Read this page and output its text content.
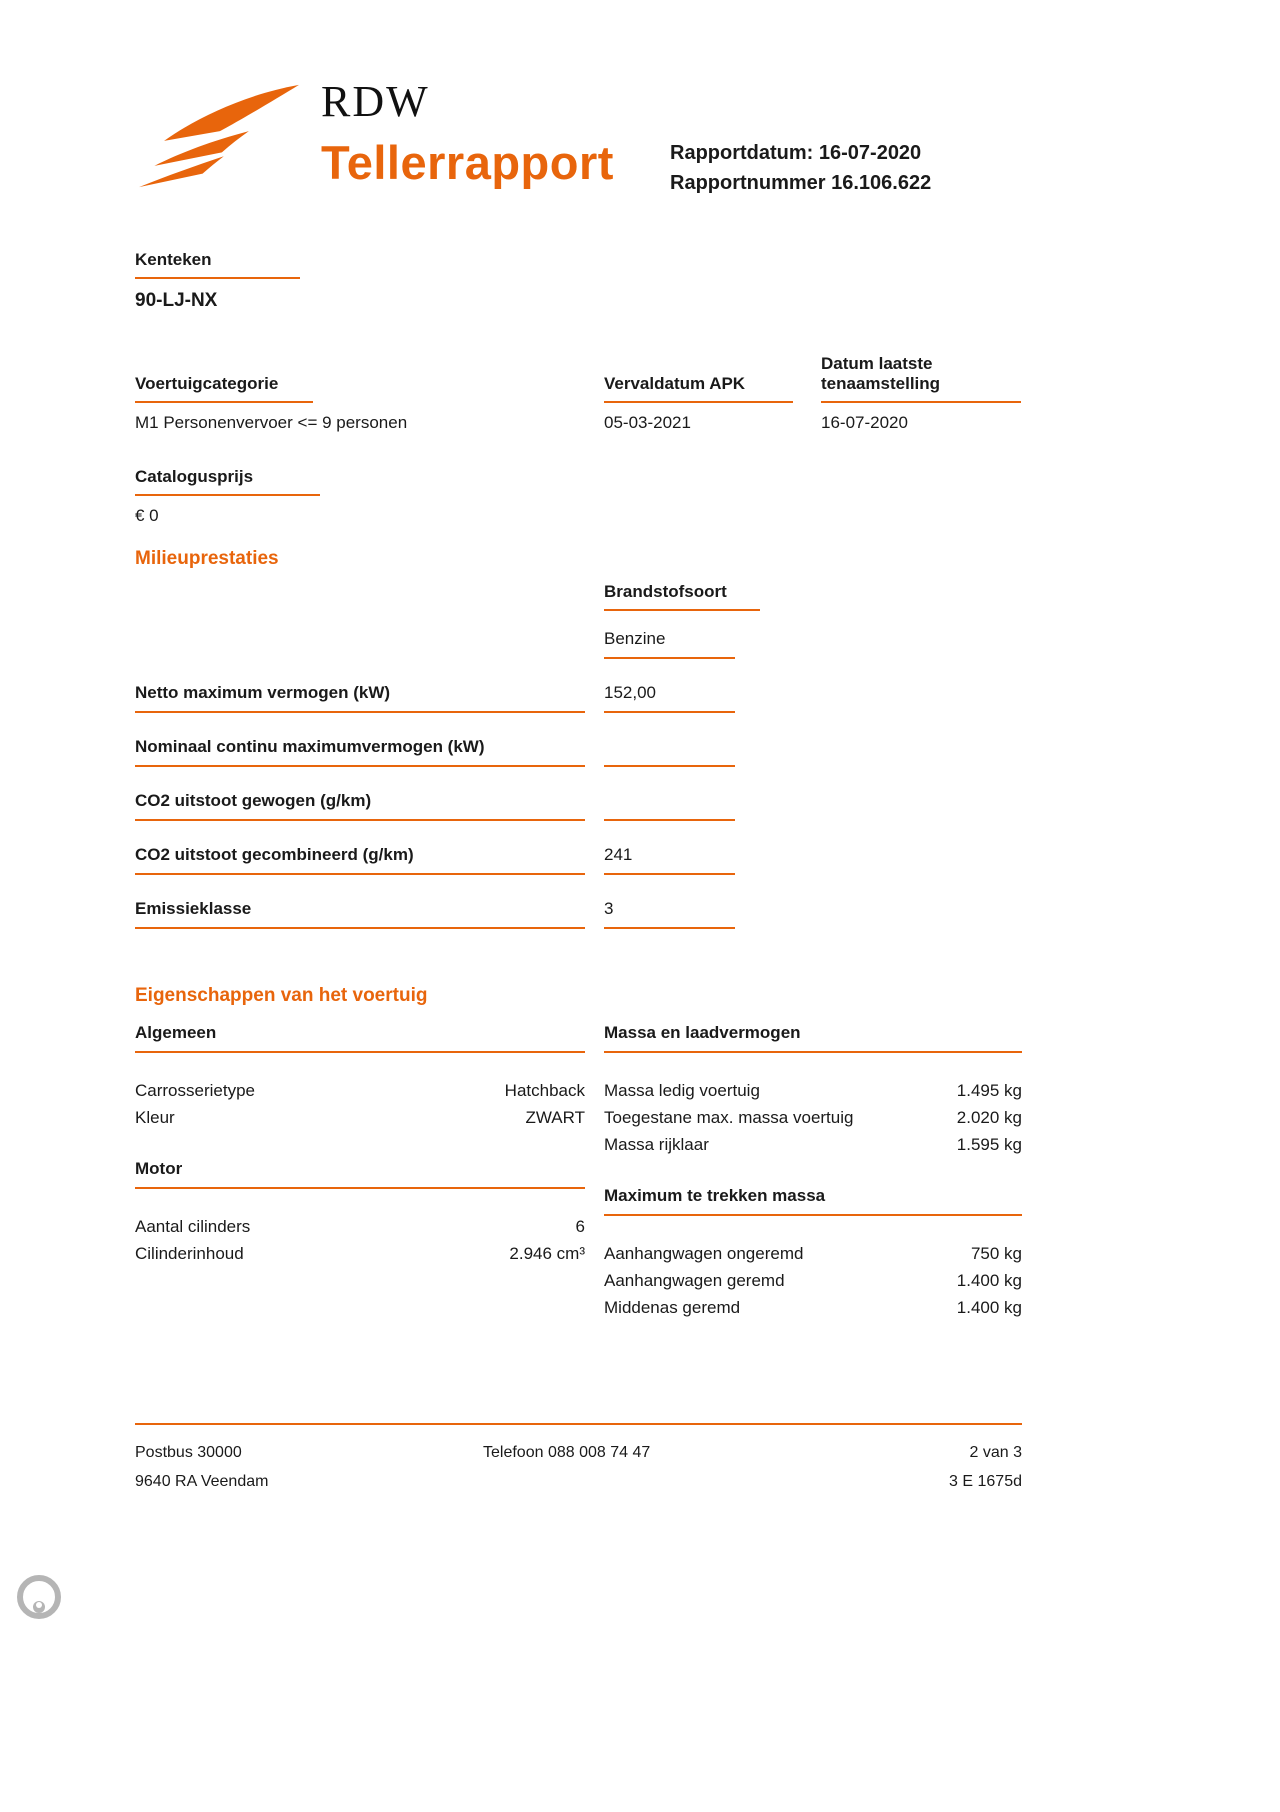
RDW
Tellerrapport	Rapportdatum: 16-07-2020
Rapportnummer 16.106.622
Kenteken
90-LJ-NX
Voertuigcategorie
M1 Personenvervoer <= 9 personen
Vervaldatum APK
05-03-2021
Datum laatste tenaamstelling
16-07-2020
Catalogusprijs
€ 0
Milieuprestaties
Brandstofsoort
Benzine
Netto maximum vermogen (kW)	152,00
Nominaal continu maximumvermogen (kW)
CO2 uitstoot gewogen (g/km)
CO2 uitstoot gecombineerd (g/km)	241
Emissieklasse	3
Eigenschappen van het voertuig
Algemeen
Carrosserietype	Hatchback
Kleur	ZWART
Motor
Aantal cilinders	6
Cilinderinhoud	2.946 cm³
Massa en laadvermogen
Massa ledig voertuig	1.495 kg
Toegestane max. massa voertuig	2.020 kg
Massa rijklaar	1.595 kg
Maximum te trekken massa
Aanhangwagen ongeremd	750 kg
Aanhangwagen geremd	1.400 kg
Middenas geremd	1.400 kg
Postbus 30000
9640 RA Veendam
Telefoon 088 008 74 47	2 van 3
3 E 1675d
